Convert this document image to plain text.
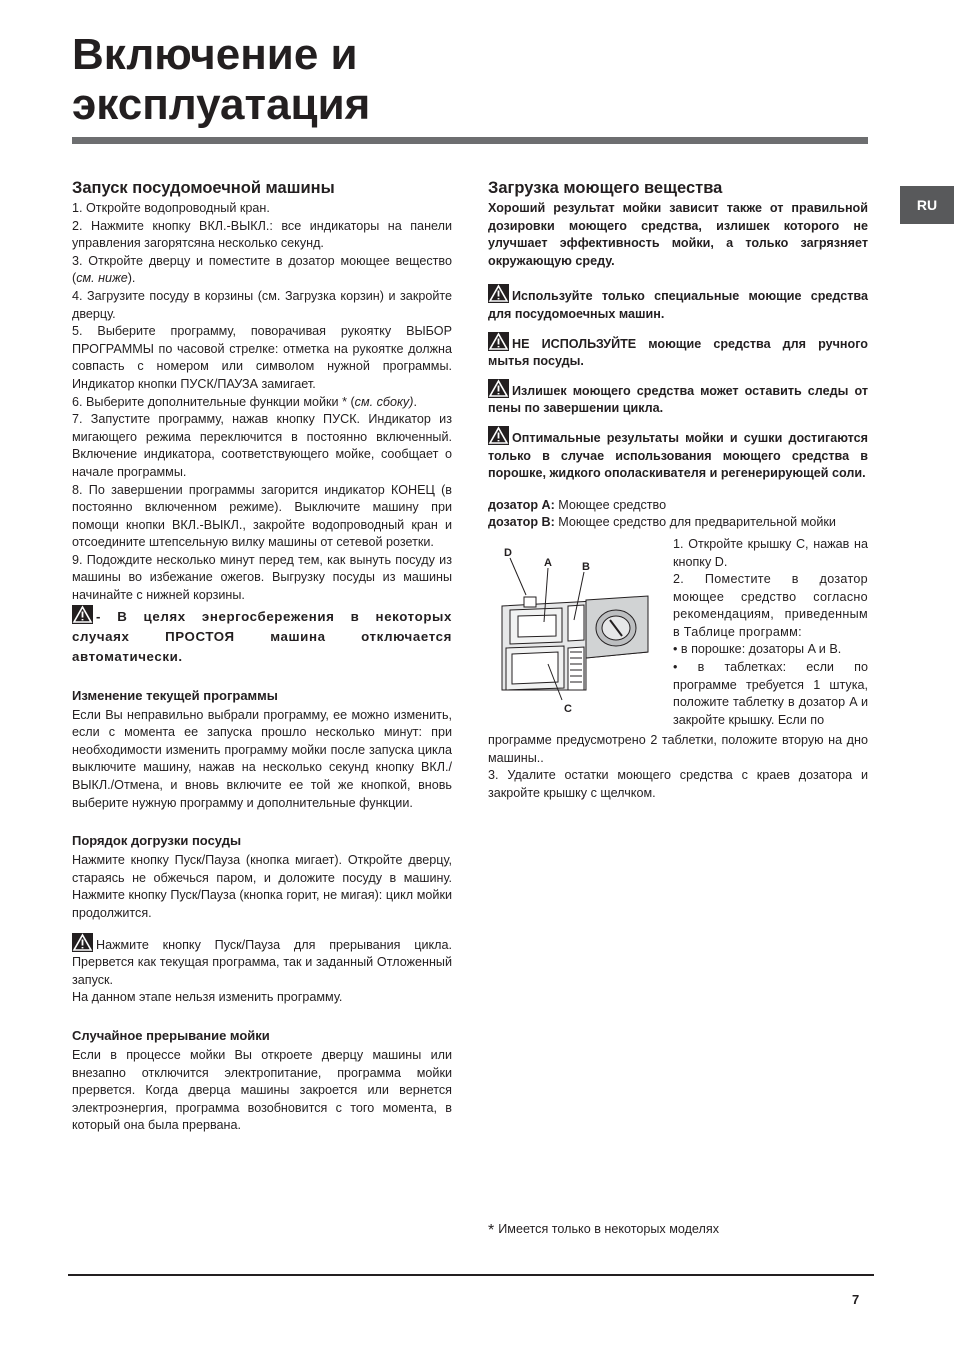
Включение и
эксплуатация
RU
Запуск посудомоечной машины

1. Откройте водопроводный кран.

2. Нажмите кнопку ВКЛ.-ВЫКЛ.: все индикаторы на панели управления загорятсяна несколько секунд.

3. Откройте дверцу и поместите в дозатор моющее вещество (см. ниже).

4. Загрузите посуду в корзины (см. Загрузка корзин) и закройте дверцу.

5. Выберите программу, поворачивая рукоятку ВЫБОР ПРОГРАММЫ по часовой стрелке: отметка на рукоятке должна совпасть с номером или символом нужной программы. Индикатор кнопки ПУСК/ПАУЗА замигает.

6. Выберите дополнительные функции мойки * (см. сбоку).

7. Запустите программу, нажав кнопку ПУСК. Индикатор из мигающего режима переключится в постоянно включенный. Включение индикатора, соответствующего мойке, сообщает о начале программы.

8. По завершении программы загорится индикатор КОНЕЦ (в постоянно включенном режиме). Выключите машину при помощи кнопки ВКЛ.-ВЫКЛ., закройте водопроводный кран и отсоедините штепсельную вилку машины от сетевой розетки.

9. Подождите несколько минут перед тем, как вынуть посуду из машины во избежание ожегов. Выгрузку посуды из машины начинайте с нижней корзины.

- В целях энергосбережения в некоторых случаях ПРОСТОЯ машина отключается автоматически.

Изменение текущей программы

Если Вы неправильно выбрали программу, ее можно изменить, если с момента ее запуска прошло несколько минут: при необходимости изменить программу мойки после запуска цикла выключите машину, нажав на несколько секунд кнопку ВКЛ./ВЫКЛ./Отмена, и вновь включите ее той же кнопкой, вновь выберите нужную программу и дополнительные функции.

Порядок догрузки посуды

Нажмите кнопку Пуск/Пауза (кнопка мигает). Откройте дверцу, стараясь не обжечься паром, и доложите посуду в машину. Нажмите кнопку Пуск/Пауза (кнопка горит, не мигая): цикл мойки продолжится.

Нажмите кнопку Пуск/Пауза для прерывания цикла. Прервется как текущая программа, так и заданный Отложенный запуск.

На данном этапе нельзя изменить программу.

Случайное прерывание мойки

Если в процессе мойки Вы откроете дверцу машины или внезапно отключится электропитание, программа мойки прервется. Когда дверца машины закроется или вернется электроэнергия, программа возобновится с того момента, в который она была прервана.

Загрузка моющего вещества

Хороший результат мойки зависит также от правильной дозировки моющего средства, излишек которого не улучшает эффективность мойки, а только загрязняет окружающую среду.

Используйте только специальные моющие средства для посудомоечных машин.

НЕ ИСПОЛЬЗУЙТЕ моющие средства для ручного мытья посуды.

Излишек моющего средства может оставить следы от пены по завершении цикла.

Оптимальные результаты мойки и сушки достигаются только в случае использования моющего средства в порошке, жидкого ополаскивателя и регенерирующей соли.

дозатор A: Моющее средство

дозатор B: Моющее средство для предварительной мойки

D
A	B
C

1. Откройте крышку C, нажав на кнопку D.

2. Поместите в дозатор моющее средство согласно рекомендациям, приведенным в Таблице программ:

• в порошке: дозаторы A и B.

• в таблетках: если по программе требуется 1 штука, положите таблетку в дозатор A и закройте крышку. Если по

программе предусмотрено 2 таблетки, положите вторую на дно машины..

3. Удалите остатки моющего средства с краев дозатора и закройте крышку с щелчком.

* Имеется только в некоторых моделях
7
